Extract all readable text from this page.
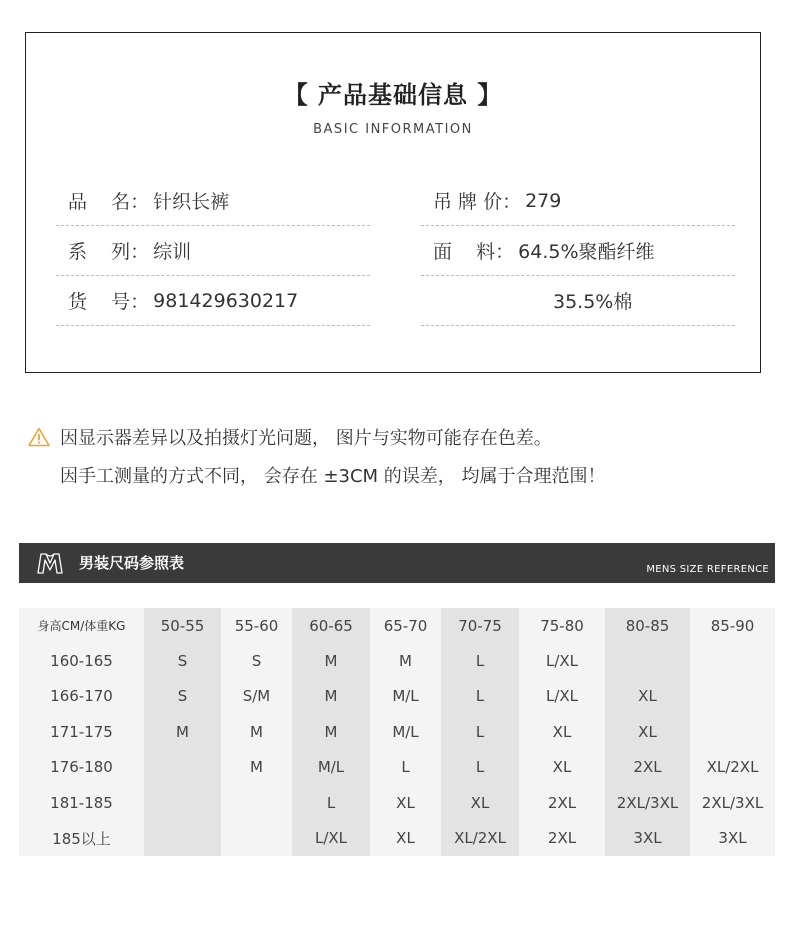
【 产品基础信息 】
BASIC INFORMATION
品    名： 针织长裤
系    列： 综训
货    号： 981429630217
吊 牌 价： 279
面    料： 64.5%聚酯纤维
35.5%棉
因显示器差异以及拍摄灯光问题， 图片与实物可能存在色差。
因手工测量的方式不同， 会存在 ±3CM 的误差， 均属于合理范围！
男装尺码参照表	MENS SIZE REFERENCE
身高CM/体重KG	50-55	55-60	60-65	65-70	70-75	75-80	80-85	85-90
160-165	S	S	M	M	L	L/XL		
166-170	S	S/M	M	M/L	L	L/XL	XL	
171-175	M	M	M	M/L	L	XL	XL	
176-180		M	M/L	L	L	XL	2XL	XL/2XL
181-185			L	XL	XL	2XL	2XL/3XL	2XL/3XL
185以上			L/XL	XL	XL/2XL	2XL	3XL	3XL
